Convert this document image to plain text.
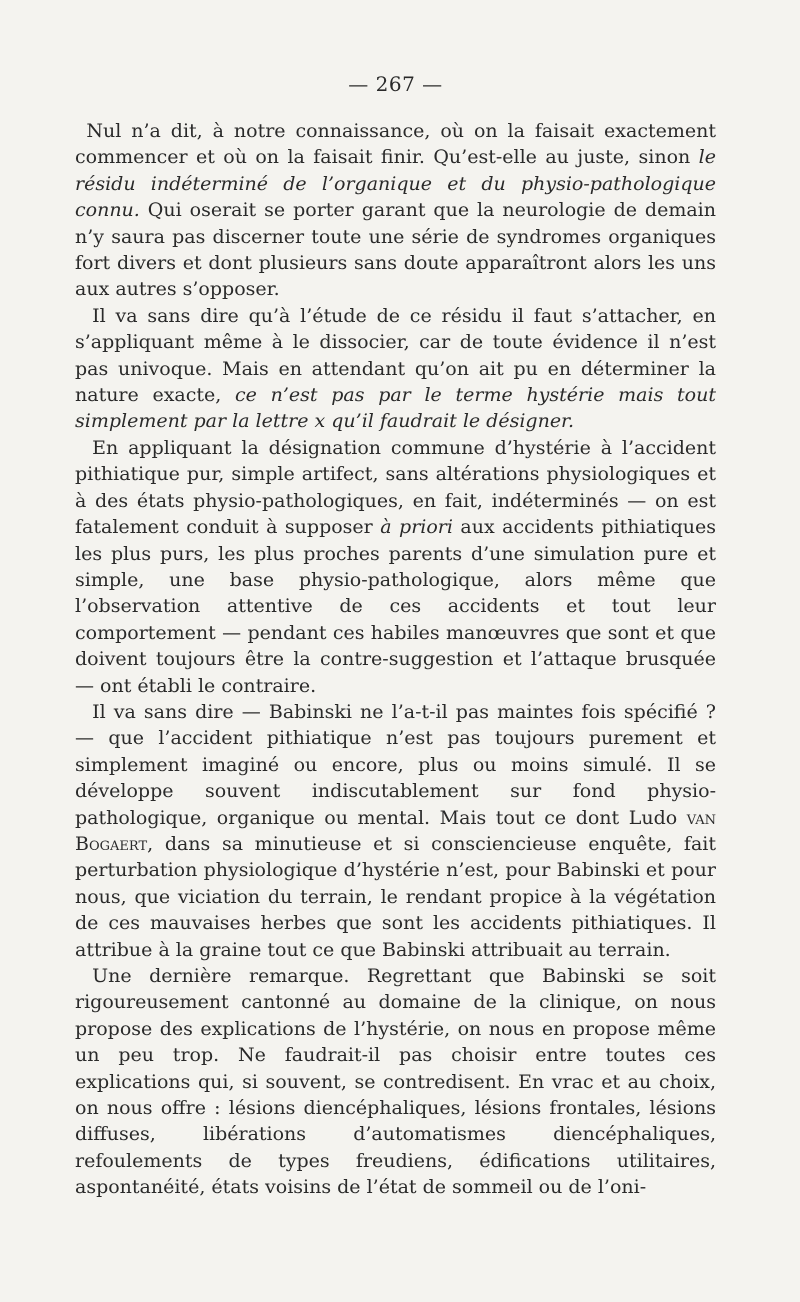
— 267 —

Nul n’a dit, à notre connaissance, où on la faisait exactement commencer et où on la faisait finir. Qu’est-elle au juste, sinon le résidu indéterminé de l’organique et du physio-pathologique connu. Qui oserait se porter garant que la neurologie de demain n’y saura pas discerner toute une série de syndromes organiques fort divers et dont plusieurs sans doute apparaîtront alors les uns aux autres s’opposer.

Il va sans dire qu’à l’étude de ce résidu il faut s’attacher, en s’appliquant même à le dissocier, car de toute évidence il n’est pas univoque. Mais en attendant qu’on ait pu en déterminer la nature exacte, ce n’est pas par le terme hystérie mais tout simplement par la lettre x qu’il faudrait le désigner.

En appliquant la désignation commune d’hystérie à l’accident pithiatique pur, simple artifect, sans altérations physiologiques et à des états physio-pathologiques, en fait, indéterminés — on est fatalement conduit à supposer à priori aux accidents pithiatiques les plus purs, les plus proches parents d’une simulation pure et simple, une base physio-pathologique, alors même que l’observation attentive de ces accidents et tout leur comportement — pendant ces habiles manœuvres que sont et que doivent toujours être la contre-suggestion et l’attaque brusquée — ont établi le contraire.

Il va sans dire — Babinski ne l’a-t-il pas maintes fois spécifié ? — que l’accident pithiatique n’est pas toujours purement et simplement imaginé ou encore, plus ou moins simulé. Il se développe souvent indiscutablement sur fond physio-pathologique, organique ou mental. Mais tout ce dont Ludo van Bogaert, dans sa minutieuse et si consciencieuse enquête, fait perturbation physiologique d’hystérie n’est, pour Babinski et pour nous, que viciation du terrain, le rendant propice à la végétation de ces mauvaises herbes que sont les accidents pithiatiques. Il attribue à la graine tout ce que Babinski attribuait au terrain.

Une dernière remarque. Regrettant que Babinski se soit rigoureusement cantonné au domaine de la clinique, on nous propose des explications de l’hystérie, on nous en propose même un peu trop. Ne faudrait-il pas choisir entre toutes ces explications qui, si souvent, se contredisent. En vrac et au choix, on nous offre : lésions diencéphaliques, lésions frontales, lésions diffuses, libérations d’automatismes diencéphaliques, refoulements de types freudiens, édifications utilitaires, aspontanéité, états voisins de l’état de sommeil ou de l’oni-
